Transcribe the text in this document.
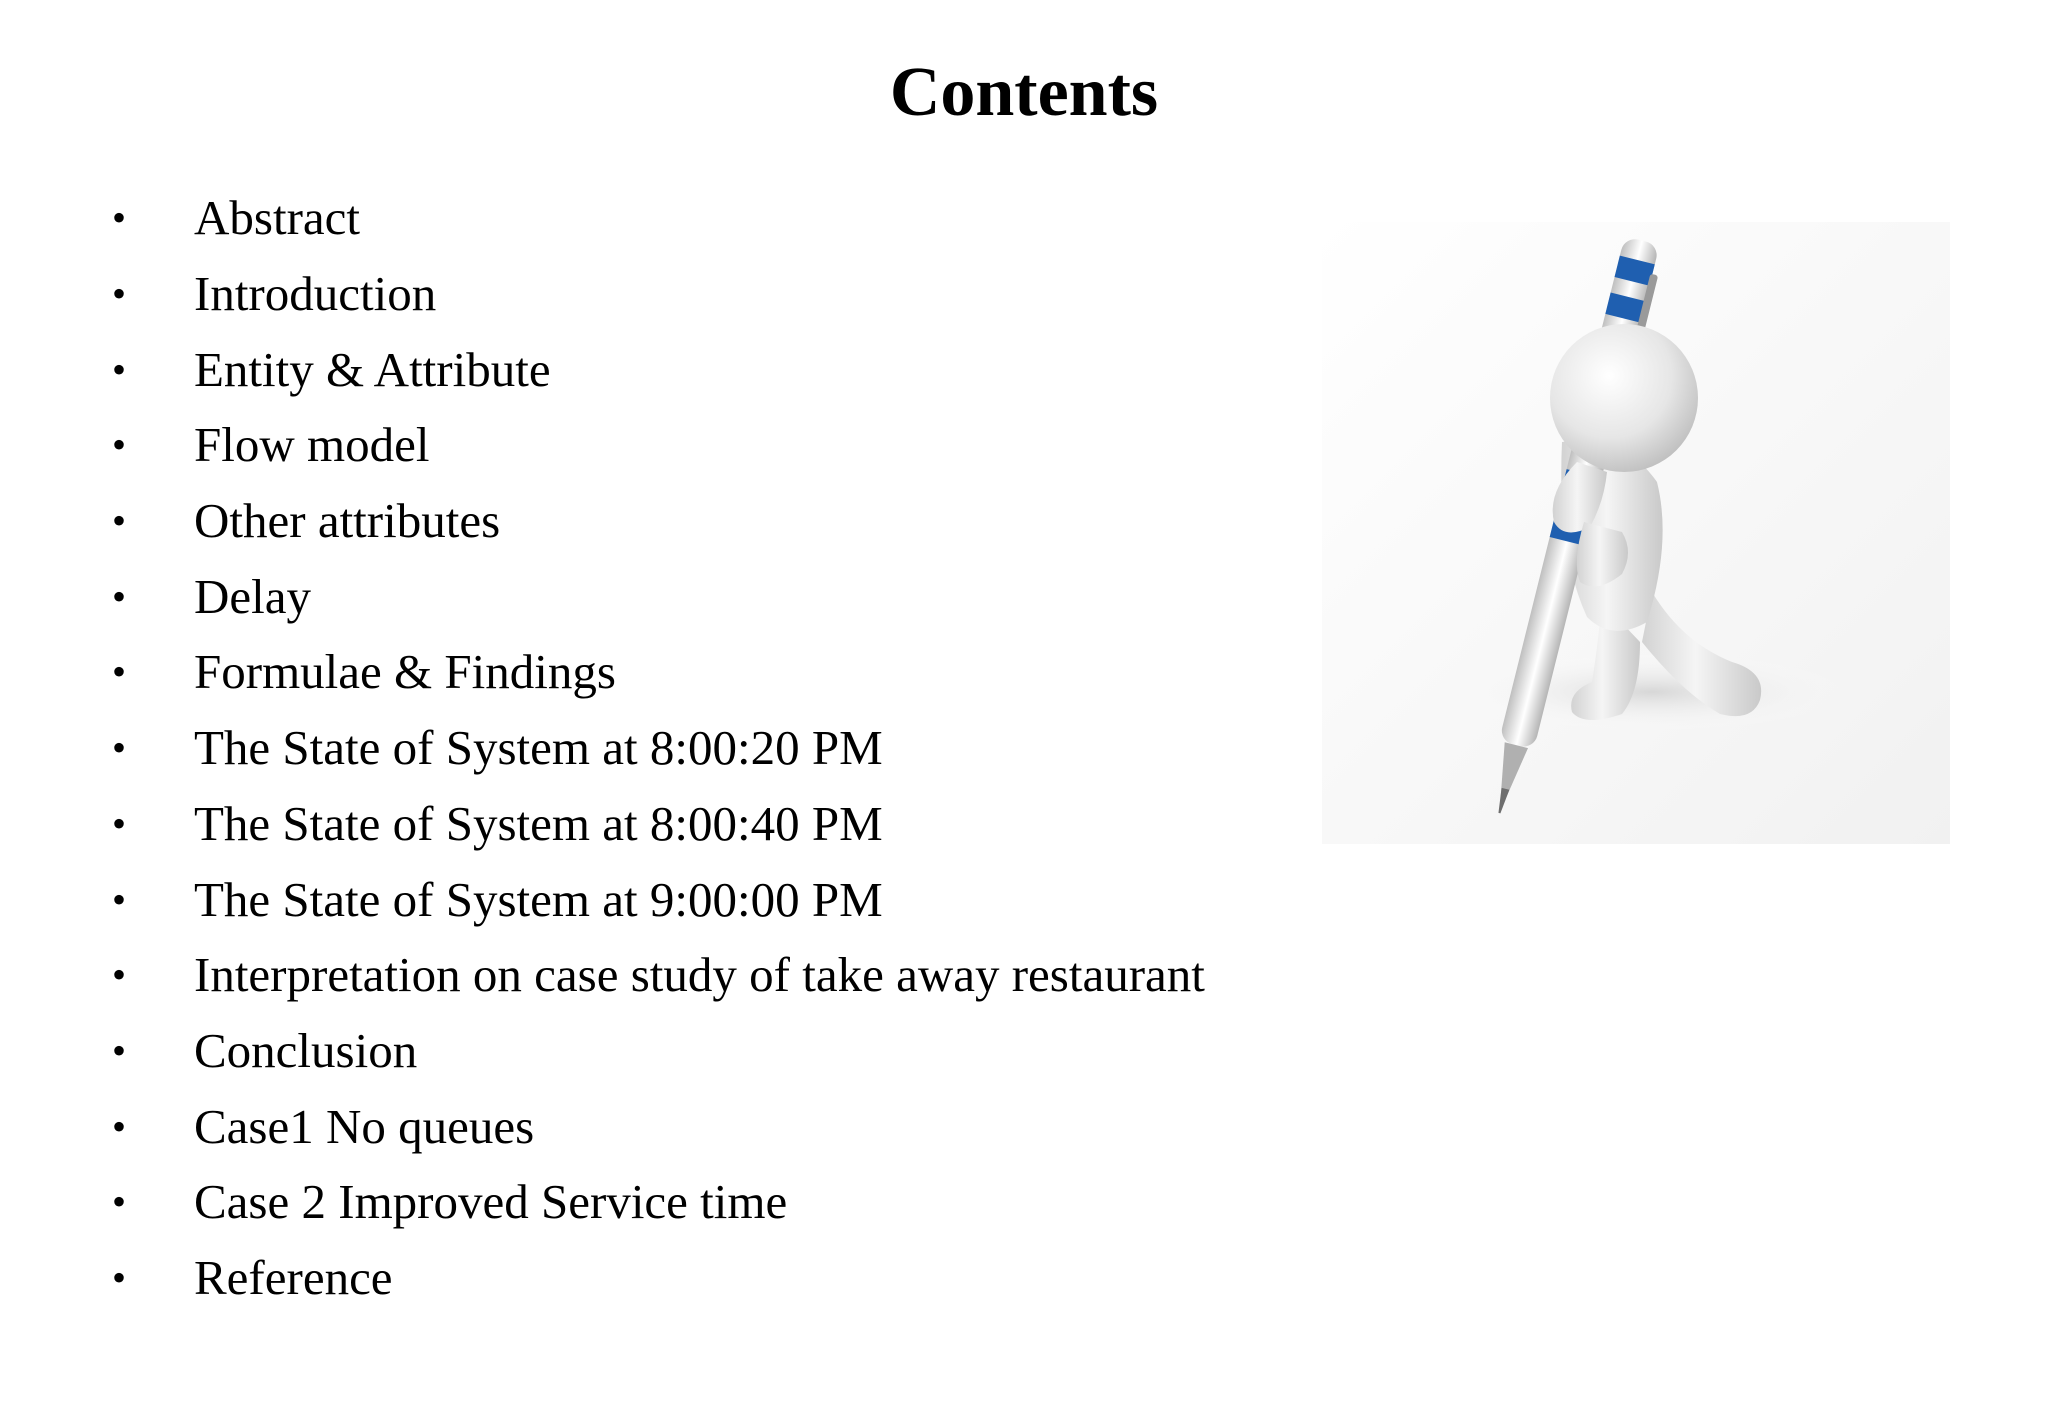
Contents
•	Abstract
•	Introduction
•	Entity & Attribute
•	Flow model
•	Other attributes
•	Delay
•	Formulae & Findings
•	The State of System at 8:00:20 PM
•	The State of System at 8:00:40 PM
•	The State of System at 9:00:00 PM
•	Interpretation on case study of take away restaurant
•	Conclusion
•	Case1 No queues
•	Case 2 Improved Service time
•	Reference
